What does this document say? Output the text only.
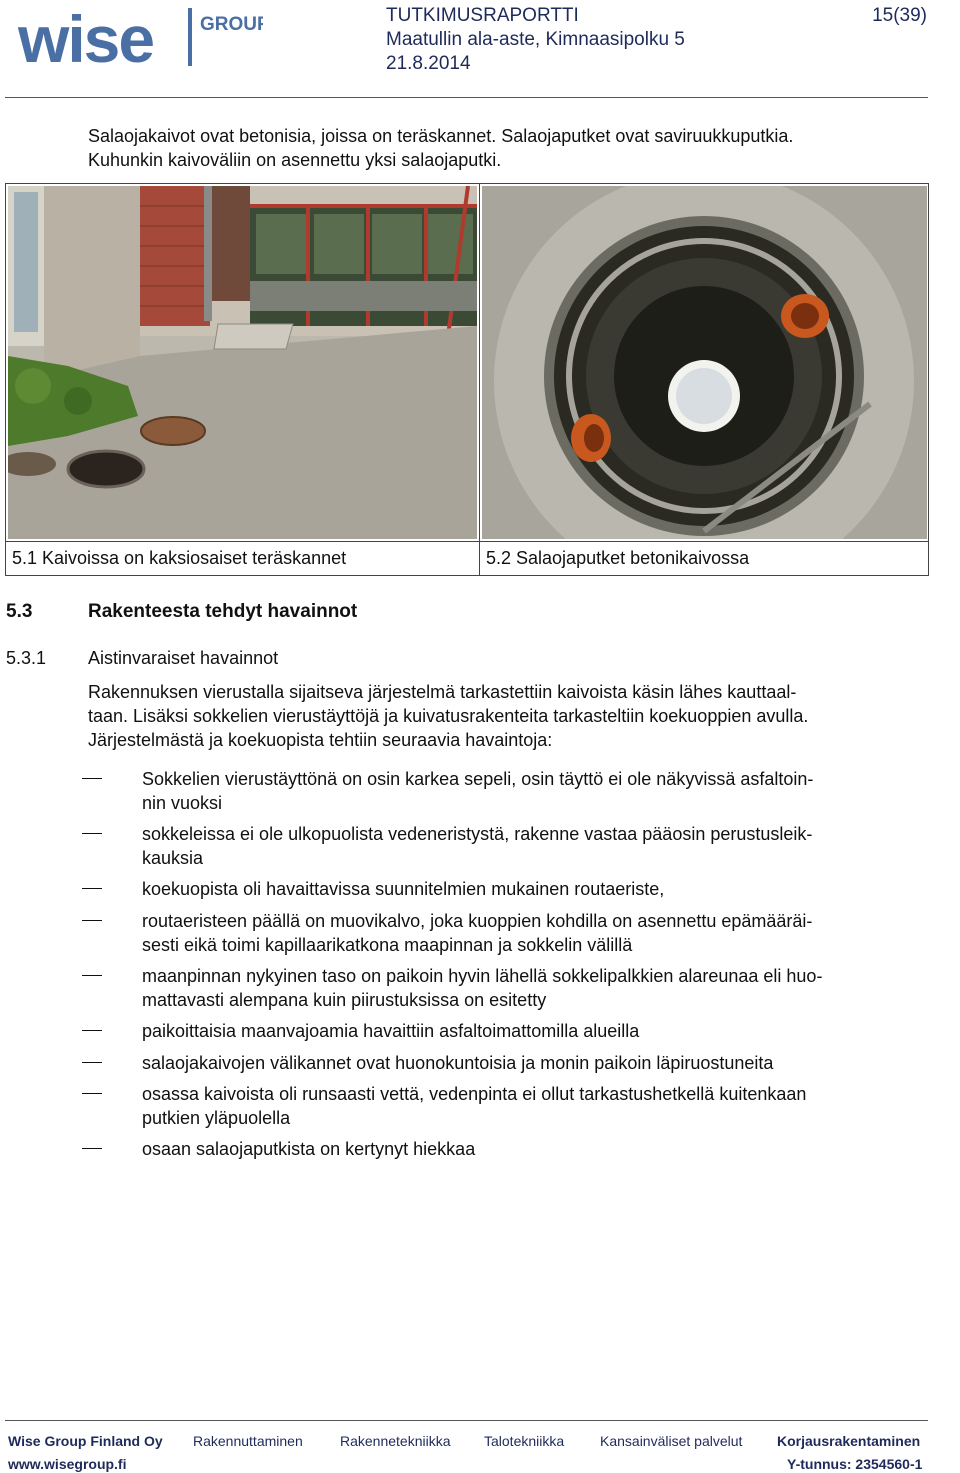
wise GROUP	TUTKIMUSRAPORTTI
Maatullin ala-aste, Kimnaasipolku 5
21.8.2014
15(39)
Salaojakaivot ovat betonisia, joissa on teräskannet. Salaojaputket ovat saviruukkuputkia.
Kuhunkin kaivoväliin on asennettu yksi salaojaputki.
5.1 Kaivoissa on kaksiosaiset teräskannet	5.2 Salaojaputket betonikaivossa
5.3	Rakenteesta tehdyt havainnot
5.3.1 Aistinvaraiset havainnot
Rakennuksen vierustalla sijaitseva järjestelmä tarkastettiin kaivoista käsin lähes kauttaal-
taan. Lisäksi sokkelien vierustäyttöjä ja kuivatusrakenteita tarkasteltiin koekuoppien avulla.
Järjestelmästä ja koekuopista tehtiin seuraavia havaintoja:
Sokkelien vierustäyttönä on osin karkea sepeli, osin täyttö ei ole näkyvissä asfaltoin-
nin vuoksi
sokkeleissa ei ole ulkopuolista vedeneristystä, rakenne vastaa pääosin perustusleik-
kauksia
koekuopista oli havaittavissa suunnitelmien mukainen routaeriste,
routaeristeen päällä on muovikalvo, joka kuoppien kohdilla on asennettu epämääräi-
sesti eikä toimi kapillaarikatkona maapinnan ja sokkelin välillä
maanpinnan nykyinen taso on paikoin hyvin lähellä sokkelipalkkien alareunaa eli huo-
mattavasti alempana kuin piirustuksissa on esitetty
paikoittaisia maanvajoamia havaittiin asfaltoimattomilla alueilla
salaojakaivojen välikannet ovat huonokuntoisia ja monin paikoin läpiruostuneita
osassa kaivoista oli runsaasti vettä, vedenpinta ei ollut tarkastushetkellä kuitenkaan
putkien yläpuolella
osaan salaojaputkista on kertynyt hiekkaa
Wise Group Finland Oy Rakennuttaminen	Rakennetekniikka Talotekniikka	Kansainväliset palvelut Korjausrakentaminen
www.wisegroup.fi	Y-tunnus: 2354560-1
